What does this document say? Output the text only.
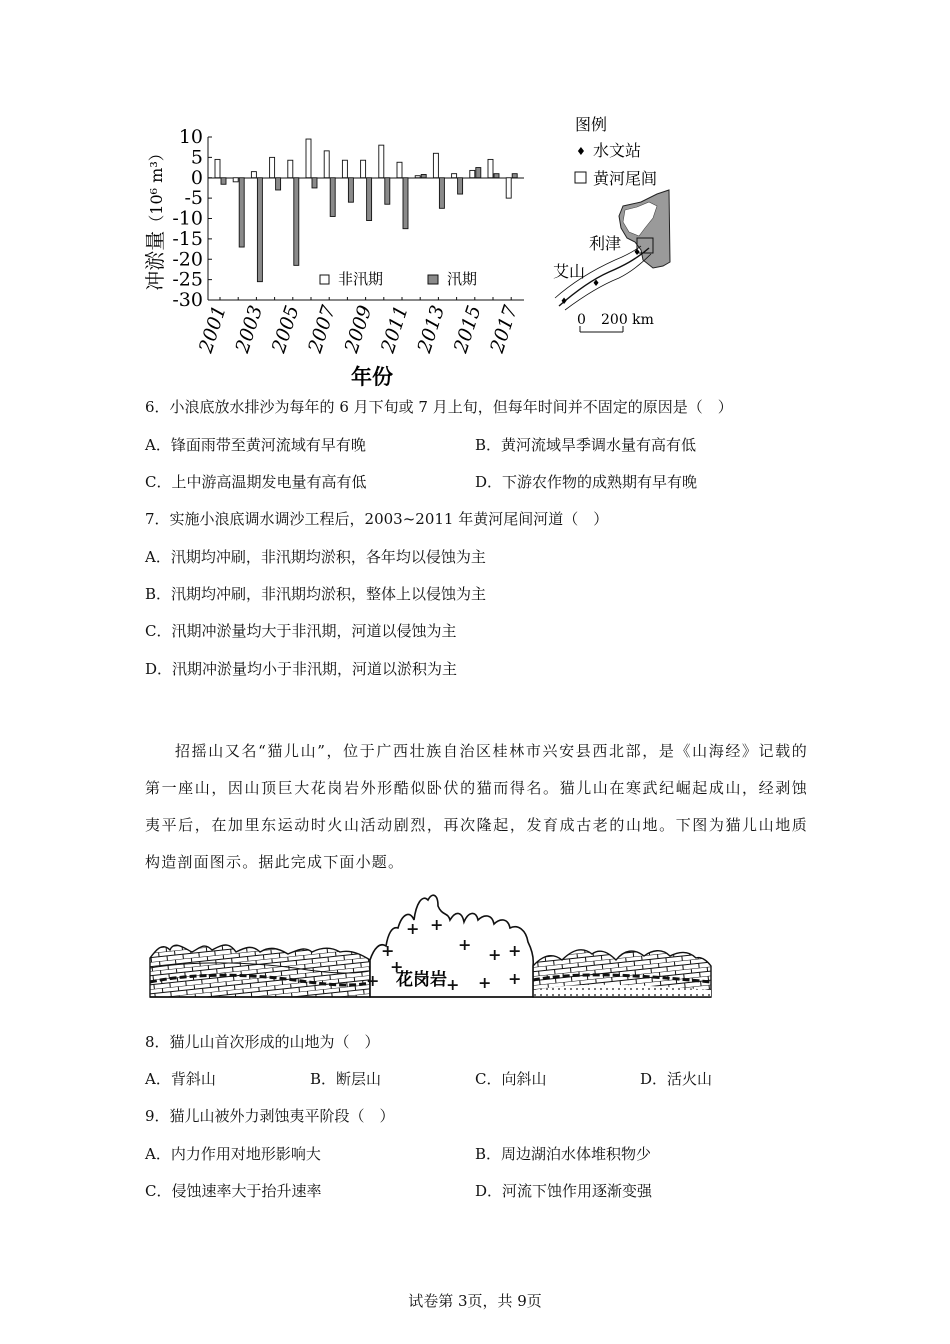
10
5
0
-5
-10
-15
-20
-25
-30
2001 2003 2005 2007 2009 2011 2013 2015 2017
冲淤量（10⁶ m³）
年份
非汛期	汛期
图例
♦ 水文站
黄河尾闾
♦
♦
♦
利津
艾山
0 200 km
6．小浪底放水排沙为每年的 6 月下旬或 7 月上旬，但每年时间并不固定的原因是（　）
A．锋面雨带至黄河流域有早有晚	B．黄河流域旱季调水量有高有低
C．上中游高温期发电量有高有低	D．下游农作物的成熟期有早有晚
7．实施小浪底调水调沙工程后，2003~2011 年黄河尾间河道（　）
A．汛期均冲刷，非汛期均淤积，各年均以侵蚀为主
B．汛期均冲刷，非汛期均淤积，整体上以侵蚀为主
C．汛期冲淤量均大于非汛期，河道以侵蚀为主
D．汛期冲淤量均小于非汛期，河道以淤积为主
招摇山又名“猫儿山”，位于广西壮族自治区桂林市兴安县西北部，是《山海经》记载的第一座山，因山顶巨大花岗岩外形酷似卧伏的猫而得名。猫儿山在寒武纪崛起成山，经剥蚀夷平后，在加里东运动时火山活动剧烈，再次隆起，发育成古老的山地。下图为猫儿山地质构造剖面图示。据此完成下面小题。
+
+ +
+
+
+ +
+	+ + +
花岗岩
8．猫儿山首次形成的山地为（　）
A．背斜山	B．断层山	C．向斜山	D．活火山
9．猫儿山被外力剥蚀夷平阶段（　）
A．内力作用对地形影响大	B．周边湖泊水体堆积物少
C．侵蚀速率大于抬升速率	D．河流下蚀作用逐渐变强
试卷第 3页，共 9页
